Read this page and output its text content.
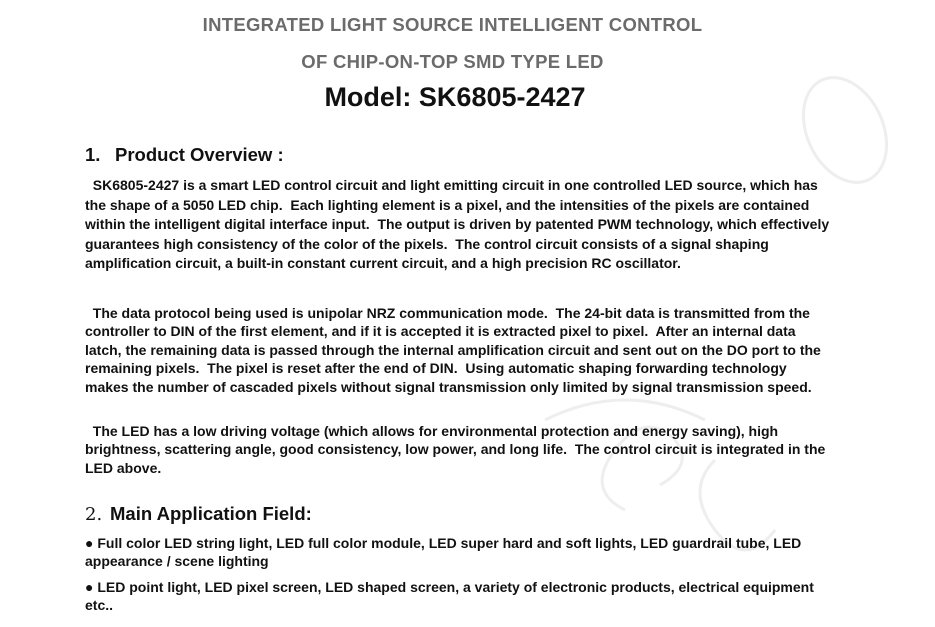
INTEGRATED LIGHT SOURCE INTELLIGENT CONTROL
OF CHIP-ON-TOP SMD TYPE LED
Model: SK6805-2427
1. Product Overview :

SK6805-2427 is a smart LED control circuit and light emitting circuit in one controlled LED source, which has the shape of a 5050 LED chip.  Each lighting element is a pixel, and the intensities of the pixels are contained within the intelligent digital interface input.  The output is driven by patented PWM technology, which effectively guarantees high consistency of the color of the pixels.  The control circuit consists of a signal shaping amplification circuit, a built-in constant current circuit, and a high precision RC oscillator.

The data protocol being used is unipolar NRZ communication mode.  The 24-bit data is transmitted from the controller to DIN of the first element, and if it is accepted it is extracted pixel to pixel.  After an internal data latch, the remaining data is passed through the internal amplification circuit and sent out on the DO port to the remaining pixels.  The pixel is reset after the end of DIN.  Using automatic shaping forwarding technology makes the number of cascaded pixels without signal transmission only limited by signal transmission speed.

The LED has a low driving voltage (which allows for environmental protection and energy saving), high brightness, scattering angle, good consistency, low power, and long life.  The control circuit is integrated in the LED above.

2. Main Application Field:

● Full color LED string light, LED full color module, LED super hard and soft lights, LED guardrail tube, LED appearance / scene lighting

● LED point light, LED pixel screen, LED shaped screen, a variety of electronic products, electrical equipment etc..
